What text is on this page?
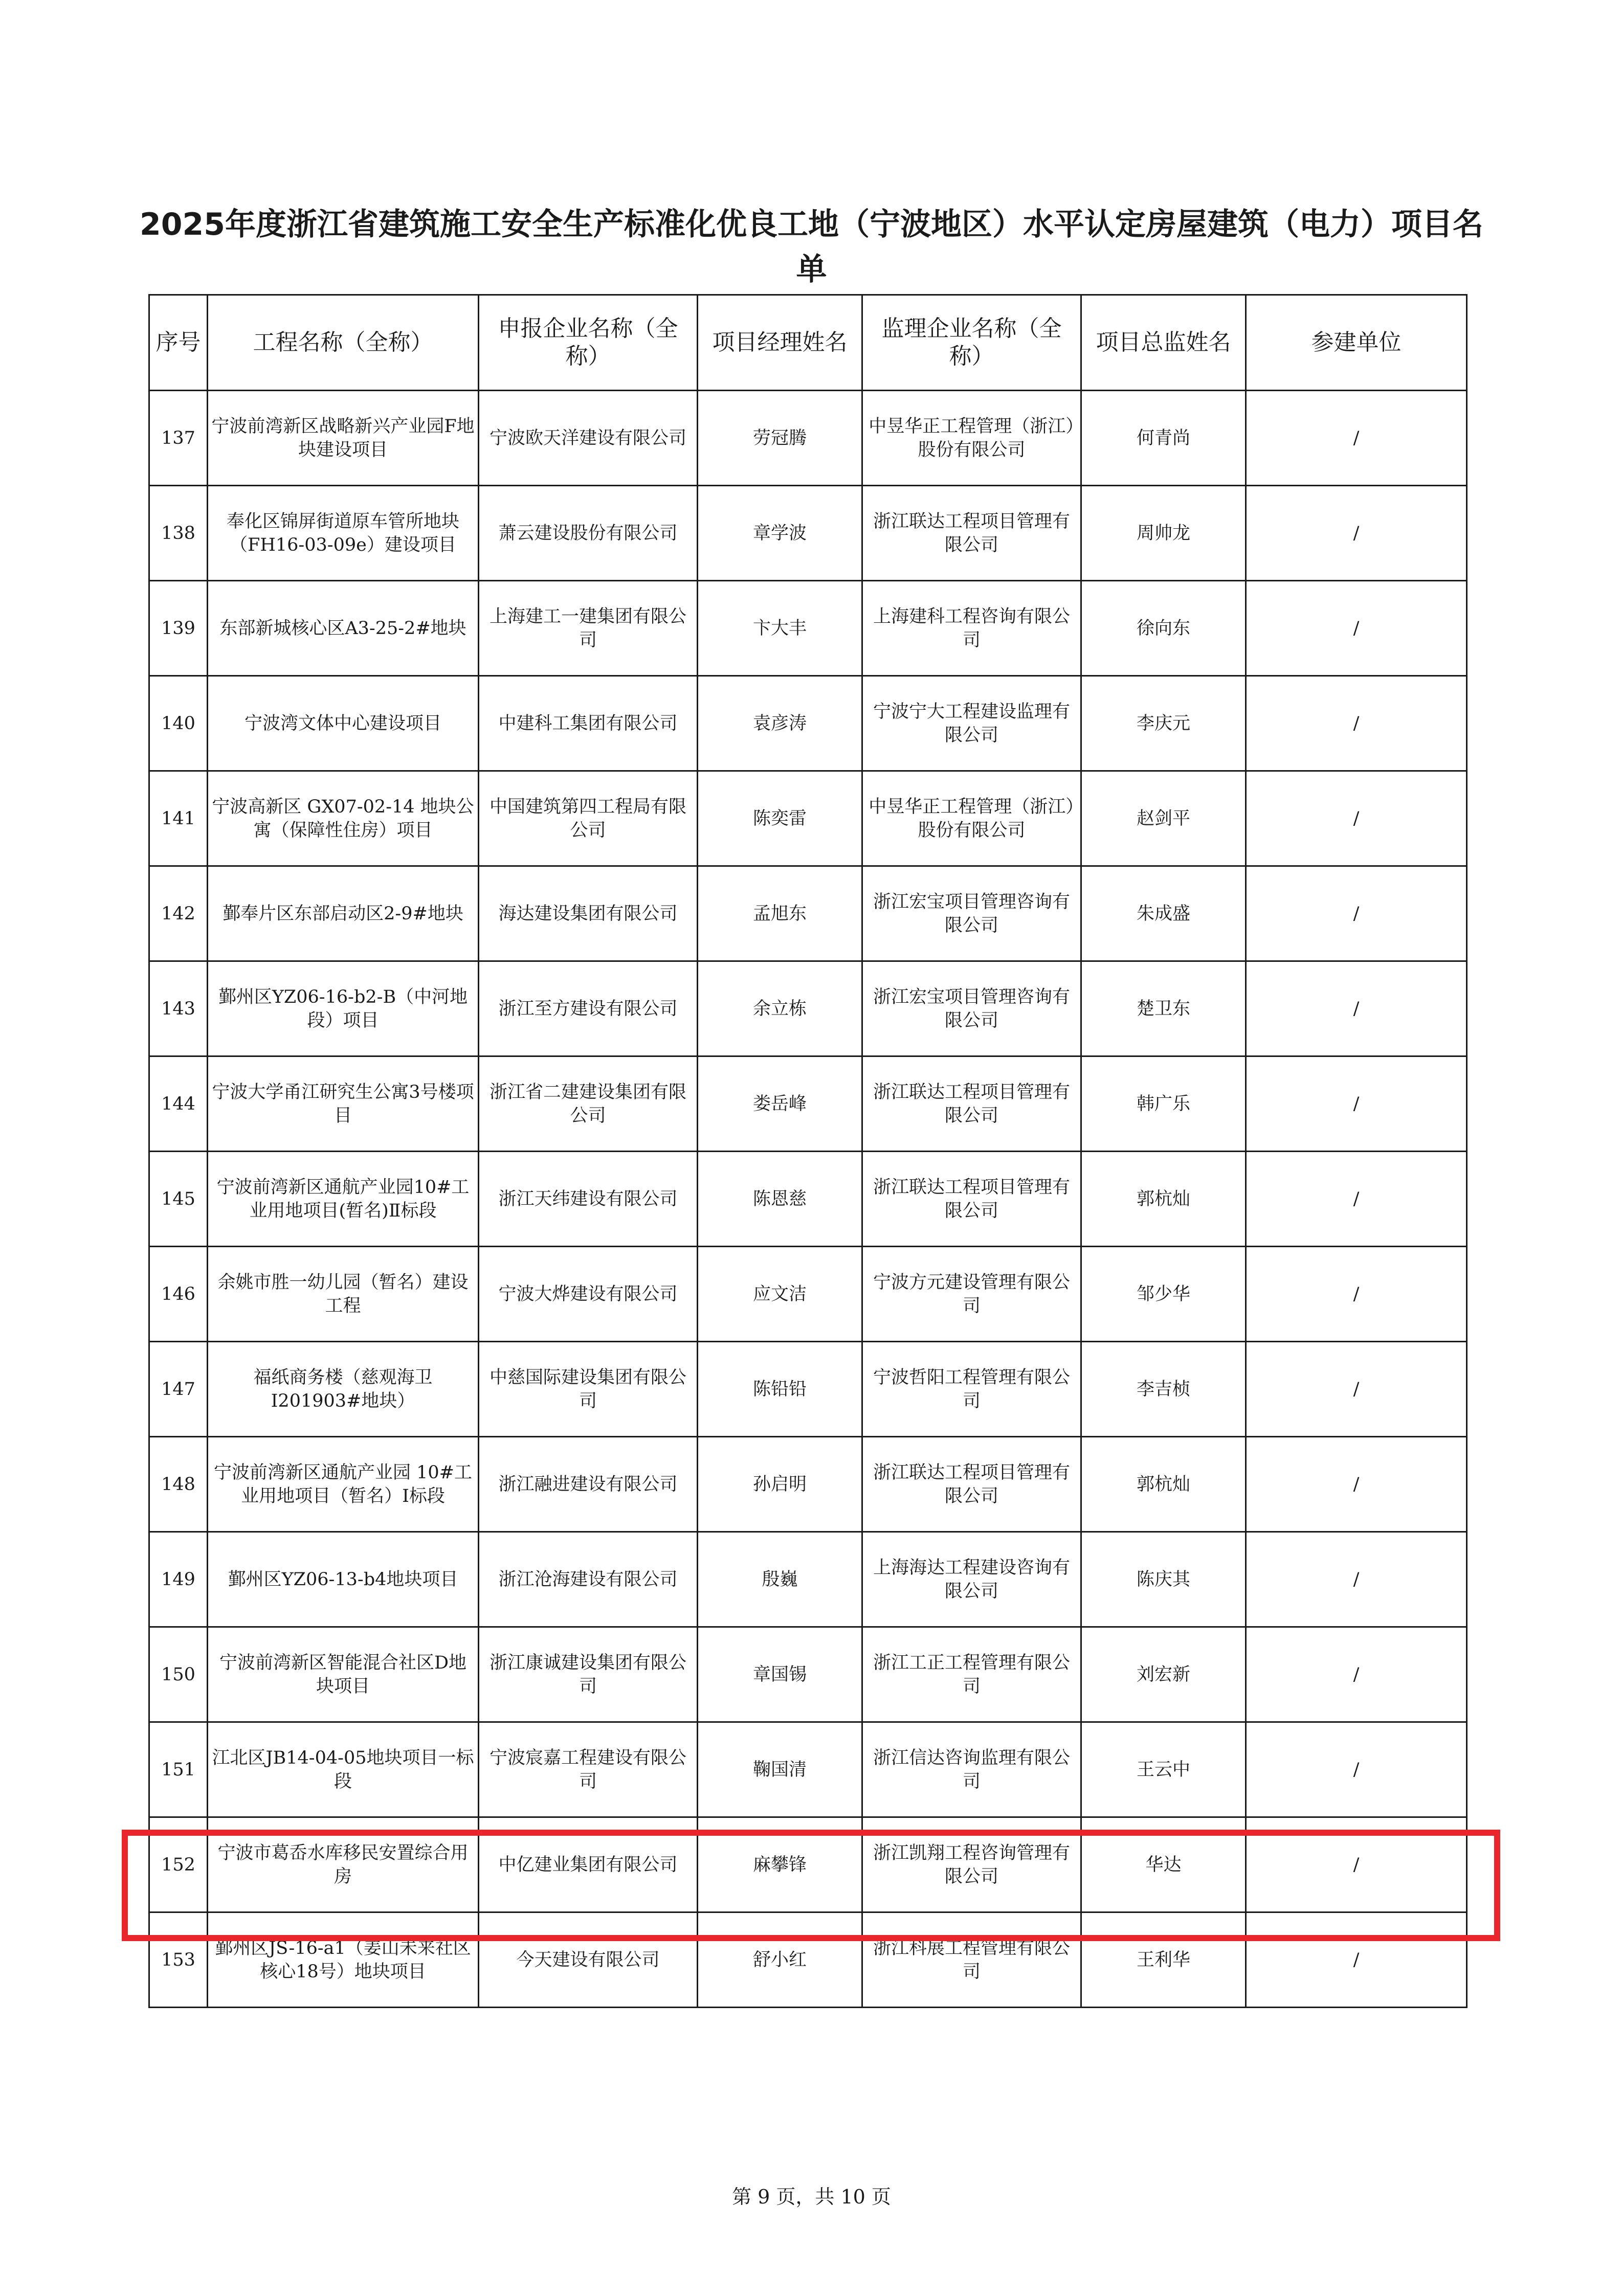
2025年度浙江省建筑施工安全生产标准化优良工地（宁波地区）水平认定房屋建筑（电力）项目名单
序号	工程名称（全称）	申报企业名称（全称）	项目经理姓名	监理企业名称（全称）	项目总监姓名	参建单位
137	宁波前湾新区战略新兴产业园F地块建设项目	宁波欧天洋建设有限公司	劳冠腾	中昱华正工程管理（浙江）股份有限公司	何青尚	/
138	奉化区锦屏街道原车管所地块（FH16-03-09e）建设项目	萧云建设股份有限公司	章学波	浙江联达工程项目管理有限公司	周帅龙	/
139	东部新城核心区A3-25-2#地块	上海建工一建集团有限公司	卞大丰	上海建科工程咨询有限公司	徐向东	/
140	宁波湾文体中心建设项目	中建科工集团有限公司	袁彦涛	宁波宁大工程建设监理有限公司	李庆元	/
141	宁波高新区 GX07-02-14 地块公寓（保障性住房）项目	中国建筑第四工程局有限公司	陈奕雷	中昱华正工程管理（浙江）股份有限公司	赵剑平	/
142	鄞奉片区东部启动区2-9#地块	海达建设集团有限公司	孟旭东	浙江宏宝项目管理咨询有限公司	朱成盛	/
143	鄞州区YZ06-16-b2-B（中河地段）项目	浙江至方建设有限公司	余立栋	浙江宏宝项目管理咨询有限公司	楚卫东	/
144	宁波大学甬江研究生公寓3号楼项目	浙江省二建建设集团有限公司	娄岳峰	浙江联达工程项目管理有限公司	韩广乐	/
145	宁波前湾新区通航产业园10#工业用地项目(暂名)Ⅱ标段	浙江天纬建设有限公司	陈恩慈	浙江联达工程项目管理有限公司	郭杭灿	/
146	余姚市胜一幼儿园（暂名）建设工程	宁波大烨建设有限公司	应文洁	宁波方元建设管理有限公司	邹少华	/
147	福纸商务楼（慈观海卫I201903#地块）	中慈国际建设集团有限公司	陈铅铅	宁波哲阳工程管理有限公司	李吉桢	/
148	宁波前湾新区通航产业园 10#工业用地项目（暂名）Ⅰ标段	浙江融进建设有限公司	孙启明	浙江联达工程项目管理有限公司	郭杭灿	/
149	鄞州区YZ06-13-b4地块项目	浙江沧海建设有限公司	殷巍	上海海达工程建设咨询有限公司	陈庆其	/
150	宁波前湾新区智能混合社区D地块项目	浙江康诚建设集团有限公司	章国锡	浙江工正工程管理有限公司	刘宏新	/
151	江北区JB14-04-05地块项目一标段	宁波宸嘉工程建设有限公司	鞠国清	浙江信达咨询监理有限公司	王云中	/
152	宁波市葛岙水库移民安置综合用房	中亿建业集团有限公司	麻攀锋	浙江凯翔工程咨询管理有限公司	华达	/
153	鄞州区JS-16-a1（姜山未来社区核心18号）地块项目	今天建设有限公司	舒小红	浙江科展工程管理有限公司	王利华	/
第 9 页，共 10 页
